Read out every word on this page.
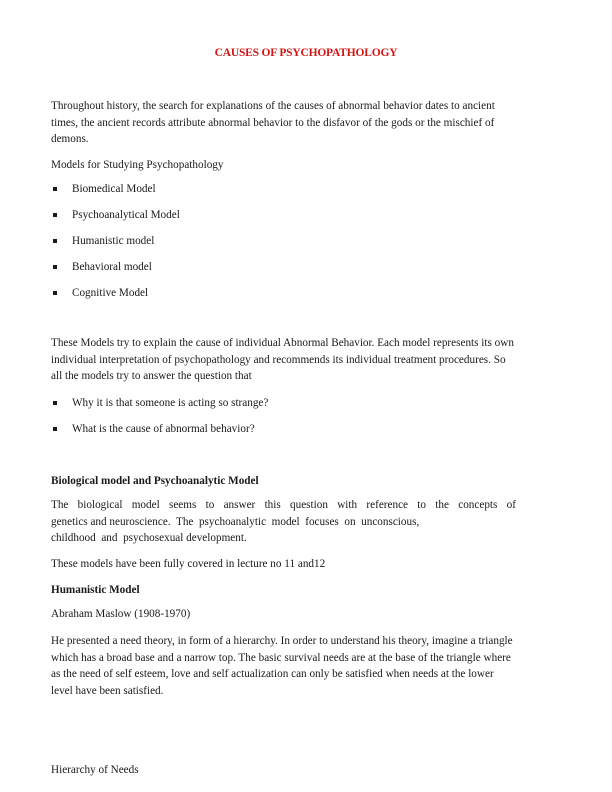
CAUSES OF PSYCHOPATHOLOGY
Throughout history, the search for explanations of the causes of abnormal behavior dates to ancient times, the ancient records attribute abnormal behavior to the disfavor of the gods or the mischief of demons.
Models for Studying Psychopathology
Biomedical Model
Psychoanalytical Model
Humanistic model
Behavioral model
Cognitive Model
These Models try to explain the cause of individual Abnormal Behavior. Each model represents its own individual interpretation of psychopathology and recommends its individual treatment procedures. So all the models try to answer the question that
Why it is that someone is acting so strange?
What is the cause of abnormal behavior?
Biological model and Psychoanalytic Model
The biological model seems to answer this question with reference to the concepts of
genetics and neuroscience.  The  psychoanalytic  model  focuses  on  unconscious,
childhood  and  psychosexual development.
These models have been fully covered in lecture no 11 and12
Humanistic Model
Abraham Maslow (1908-1970)
He presented a need theory, in form of a hierarchy. In order to understand his theory, imagine a triangle which has a broad base and a narrow top. The basic survival needs are at the base of the triangle where as the need of self esteem, love and self actualization can only be satisfied when needs at the lower level have been satisfied.
Hierarchy of Needs
